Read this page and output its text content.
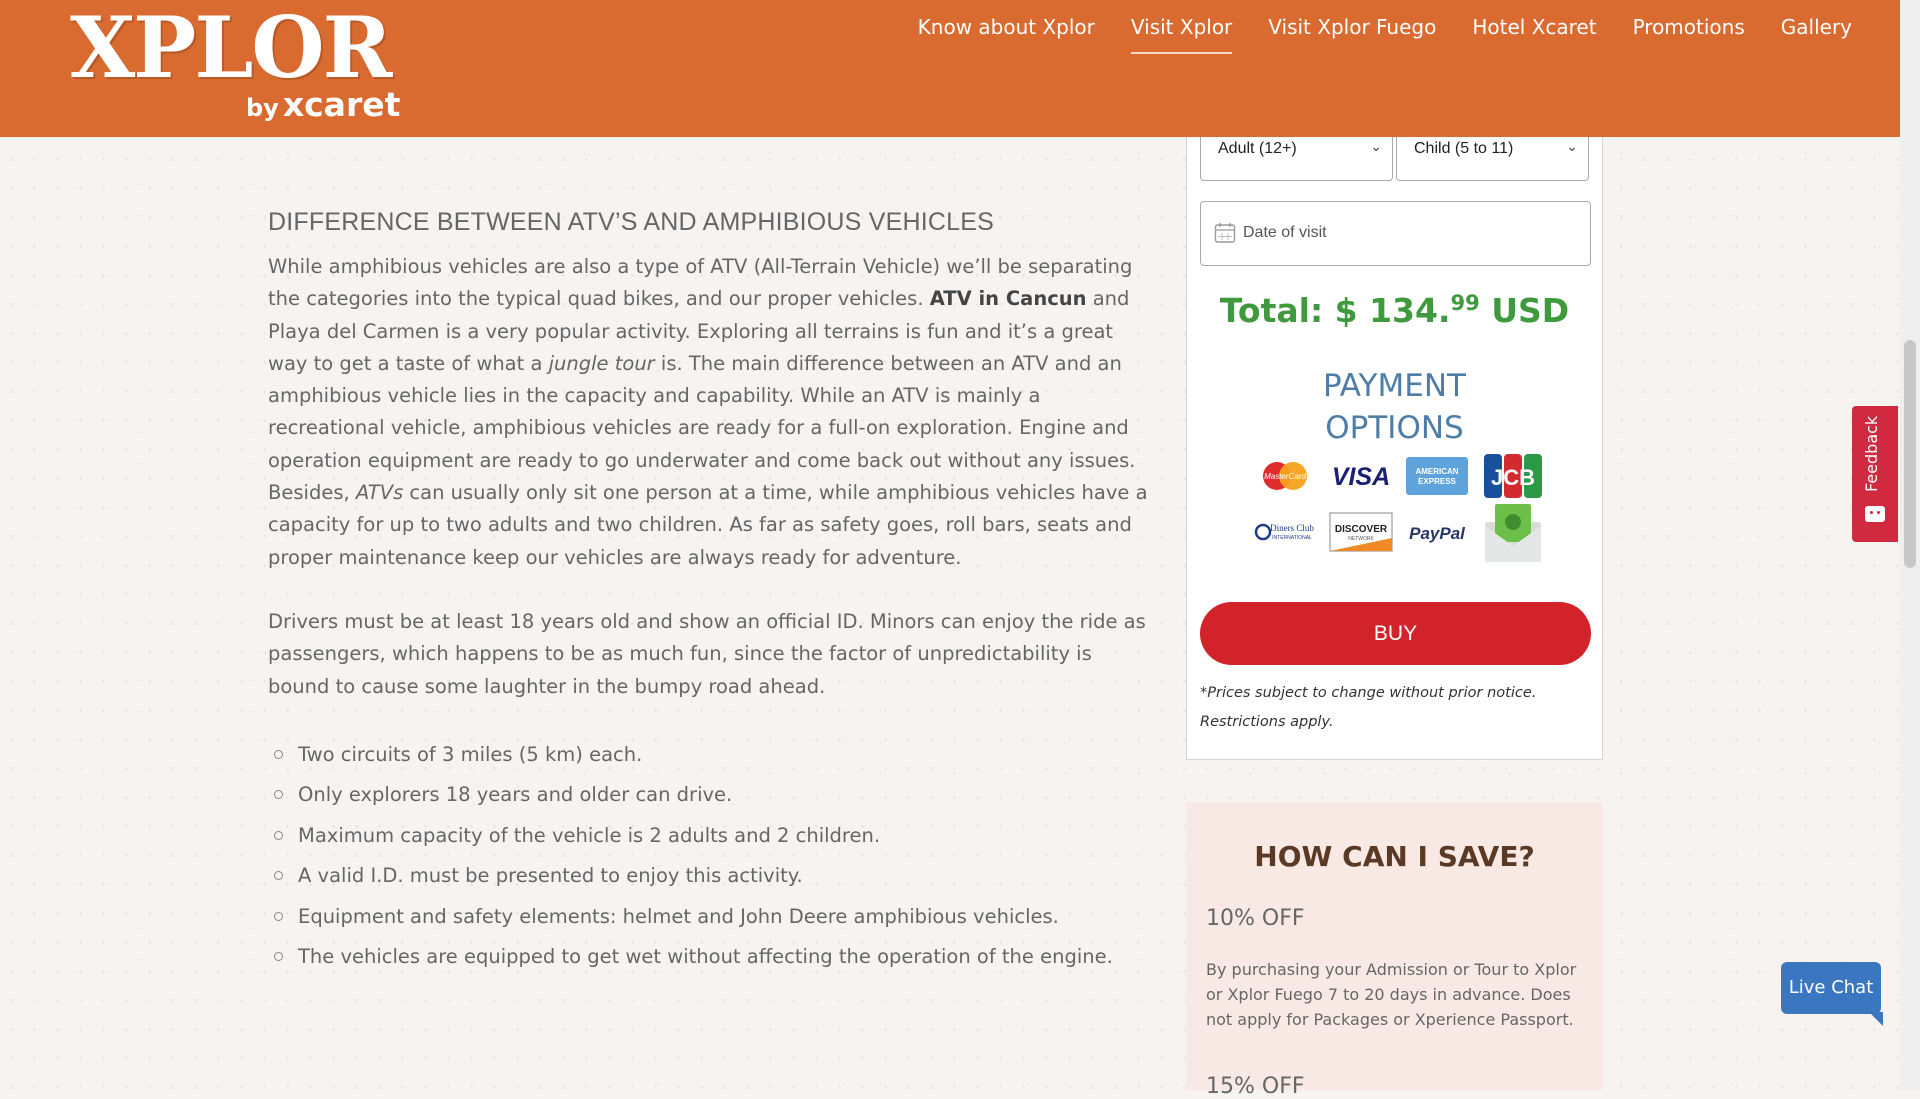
XPLOR
by xcaret
Know about Xplor	Visit Xplor	Visit Xplor Fuego	Hotel Xcaret	Promotions	Gallery
DIFFERENCE BETWEEN ATV’S AND AMPHIBIOUS VEHICLES

While amphibious vehicles are also a type of ATV (All-Terrain Vehicle) we’ll be separating the categories into the typical quad bikes, and our proper vehicles. ATV in Cancun and Playa del Carmen is a very popular activity. Exploring all terrains is fun and it’s a great way to get a taste of what a jungle tour is. The main difference between an ATV and an amphibious vehicle lies in the capacity and capability. While an ATV is mainly a recreational vehicle, amphibious vehicles are ready for a full-on exploration. Engine and operation equipment are ready to go underwater and come back out without any issues. Besides, ATVs can usually only sit one person at a time, while amphibious vehicles have a capacity for up to two adults and two children. As far as safety goes, roll bars, seats and proper maintenance keep our vehicles are always ready for adventure.

Drivers must be at least 18 years old and show an official ID. Minors can enjoy the ride as passengers, which happens to be as much fun, since the factor of unpredictability is bound to cause some laughter in the bumpy road ahead.

Two circuits of 3 miles (5 km) each.
Only explorers 18 years and older can drive.
Maximum capacity of the vehicle is 2 adults and 2 children.
A valid I.D. must be presented to enjoy this activity.
Equipment and safety elements: helmet and John Deere amphibious vehicles.
The vehicles are equipped to get wet without affecting the operation of the engine.
Adult (12+)	⌄	Child (5 to 11)	⌄
Date of visit
Total: $ 134.99 USD
PAYMENT
OPTIONS
MasterCard VISA	AMERICAN
EXPRESS JCB
Diners Club
INTERNATIONAL
DISCOVER
NETWORK PayPal
BUY
*Prices subject to change without prior notice. Restrictions apply.
HOW CAN I SAVE?
10% OFF
By purchasing your Admission or Tour to Xplor or Xplor Fuego 7 to 20 days in advance. Does not apply for Packages or Xperience Passport.
15% OFF
Feedback
Live Chat
